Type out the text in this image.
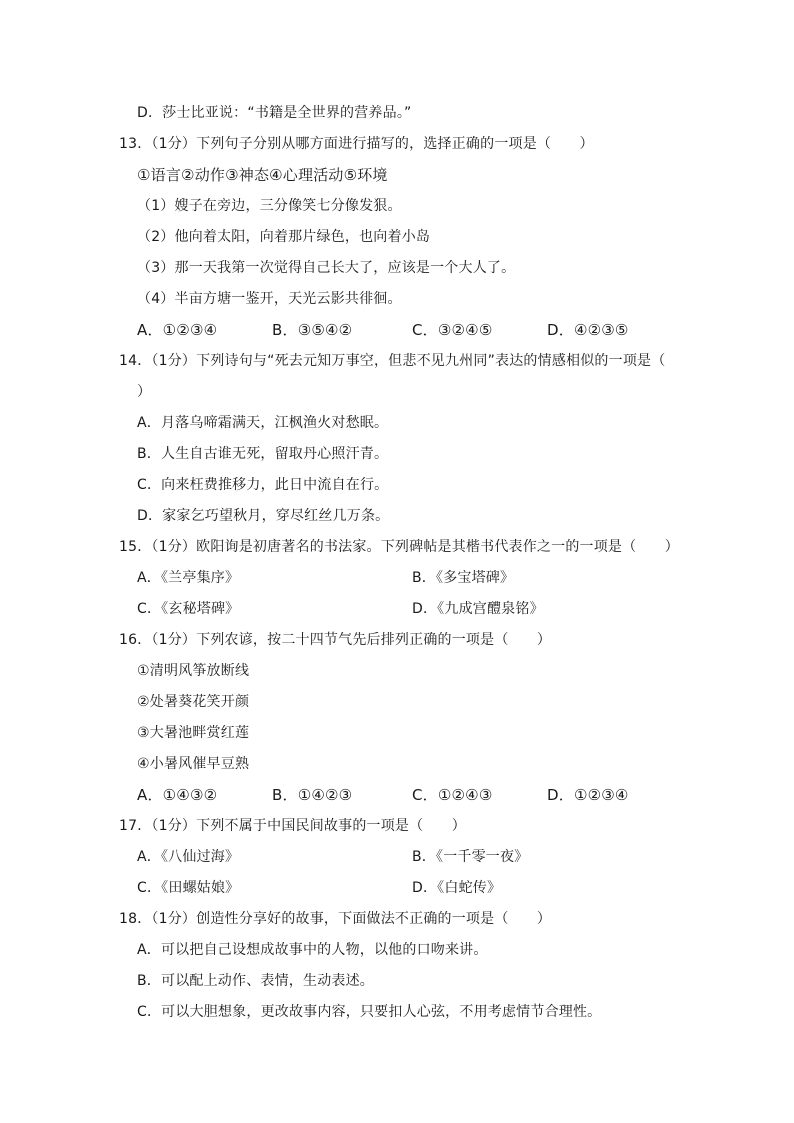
D．莎士比亚说：“书籍是全世界的营养品。”
13．（1分）下列句子分别从哪方面进行描写的，选择正确的一项是（　　）
①语言②动作③神态④心理活动⑤环境
（1）嫂子在旁边，三分像笑七分像发狠。
（2）他向着太阳，向着那片绿色，也向着小岛
（3）那一天我第一次觉得自己长大了，应该是一个大人了。
（4）半亩方塘一鉴开，天光云影共徘徊。
A．①②③④	B．③⑤④②	C．③②④⑤	D．④②③⑤
14．（1分）下列诗句与“死去元知万事空，但悲不见九州同”表达的情感相似的一项是（
）
A．月落乌啼霜满天，江枫渔火对愁眠。
B．人生自古谁无死，留取丹心照汗青。
C．向来枉费推移力，此日中流自在行。
D．家家乞巧望秋月，穿尽红丝几万条。
15．（1分）欧阳询是初唐著名的书法家。下列碑帖是其楷书代表作之一的一项是（　　）
A．《兰亭集序》	B．《多宝塔碑》
C．《玄秘塔碑》	D．《九成宫醴泉铭》
16．（1分）下列农谚，按二十四节气先后排列正确的一项是（　　）
①清明风筝放断线
②处暑葵花笑开颜
③大暑池畔赏红莲
④小暑风催早豆熟
A．①④③②	B．①④②③	C．①②④③	D．①②③④
17．（1分）下列不属于中国民间故事的一项是（　　）
A．《八仙过海》	B．《一千零一夜》
C．《田螺姑娘》	D．《白蛇传》
18．（1分）创造性分享好的故事，下面做法不正确的一项是（　　）
A．可以把自己设想成故事中的人物，以他的口吻来讲。
B．可以配上动作、表情，生动表述。
C．可以大胆想象，更改故事内容，只要扣人心弦，不用考虑情节合理性。
